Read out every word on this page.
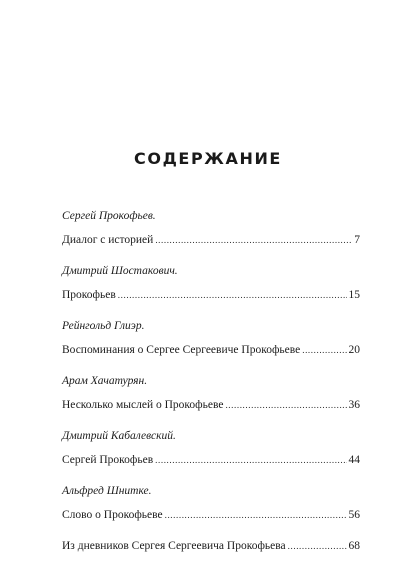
СОДЕРЖАНИЕ
Сергей Прокофьев.
Диалог с историей .....	7
Дмитрий Шостакович.
Прокофьев .....	15
Рейнгольд Глиэр.
Воспоминания о Сергее Сергеевиче Прокофьеве .....	20
Арам Хачатурян.
Несколько мыслей о Прокофьеве .....	36
Дмитрий Кабалевский.
Сергей Прокофьев .....	44
Альфред Шнитке.
Слово о Прокофьеве .....	56
Из дневников Сергея Сергеевича Прокофьева .....	68
